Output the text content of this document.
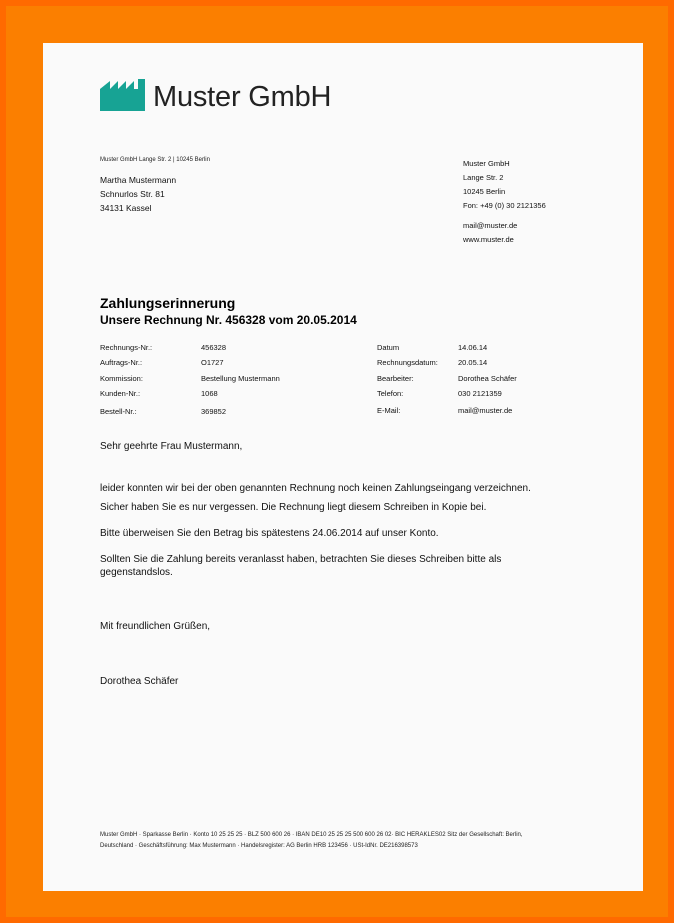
Muster GmbH
Muster GmbH Lange Str. 2 | 10245 Berlin
Martha Mustermann
Schnurlos Str. 81
34131 Kassel
Muster GmbH
Lange Str. 2
10245 Berlin
Fon: +49 (0) 30 2121356
mail@muster.de
www.muster.de
Zahlungserinnerung
Unsere Rechnung Nr. 456328 vom 20.05.2014
Rechnungs-Nr.:	456328
Auftrags-Nr.:	O1727
Kommission:	Bestellung Mustermann
Kunden-Nr.:	1068
Bestell-Nr.:	369852
Datum	14.06.14
Rechnungsdatum:	20.05.14
Bearbeiter:	Dorothea Schäfer
Telefon:	030 2121359
E-Mail:	mail@muster.de
Sehr geehrte Frau Mustermann,
leider konnten wir bei der oben genannten Rechnung noch keinen Zahlungseingang verzeichnen.
Sicher haben Sie es nur vergessen. Die Rechnung liegt diesem Schreiben in Kopie bei.
Bitte überweisen Sie den Betrag bis spätestens 24.06.2014 auf unser Konto.
Sollten Sie die Zahlung bereits veranlasst haben, betrachten Sie dieses Schreiben bitte als gegenstandslos.
Mit freundlichen Grüßen,
Dorothea Schäfer
Muster GmbH · Sparkasse Berlin · Konto 10 25 25 25 · BLZ 500 600 26 · IBAN DE10 25 25 25 500 600 26 02· BIC HERAKLES02 Sitz der Gesellschaft: Berlin,
Deutschland · Geschäftsführung: Max Mustermann · Handelsregister: AG Berlin HRB 123456 · USt-IdNr. DE216398573
